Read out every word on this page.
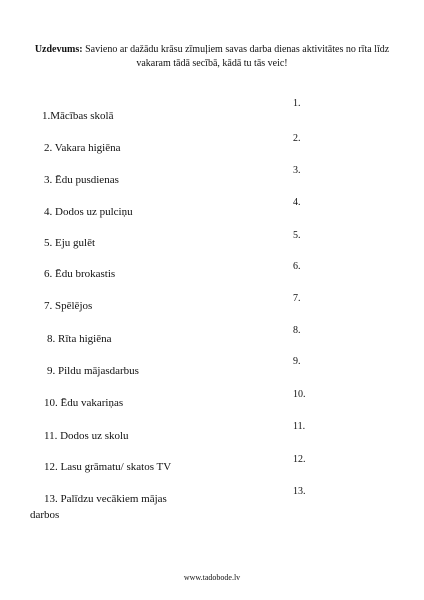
Uzdevums: Savieno ar dažādu krāsu zīmuļiem savas darba dienas aktivitātes no rīta līdz vakaram tādā secībā, kādā tu tās veic!
1.Mācības skolā
2. Vakara higiēna
3. Ēdu pusdienas
4. Dodos uz pulciņu
5. Eju gulēt
6. Ēdu brokastis
7. Spēlējos
8. Rīta higiēna
9. Pildu mājasdarbus
10. Ēdu vakariņas
11. Dodos uz skolu
12. Lasu grāmatu/ skatos TV
13. Palīdzu vecākiem mājas
darbos
1.
2.
3.
4.
5.
6.
7.
8.
9.
10.
11.
12.
13.
www.tadobode.lv
